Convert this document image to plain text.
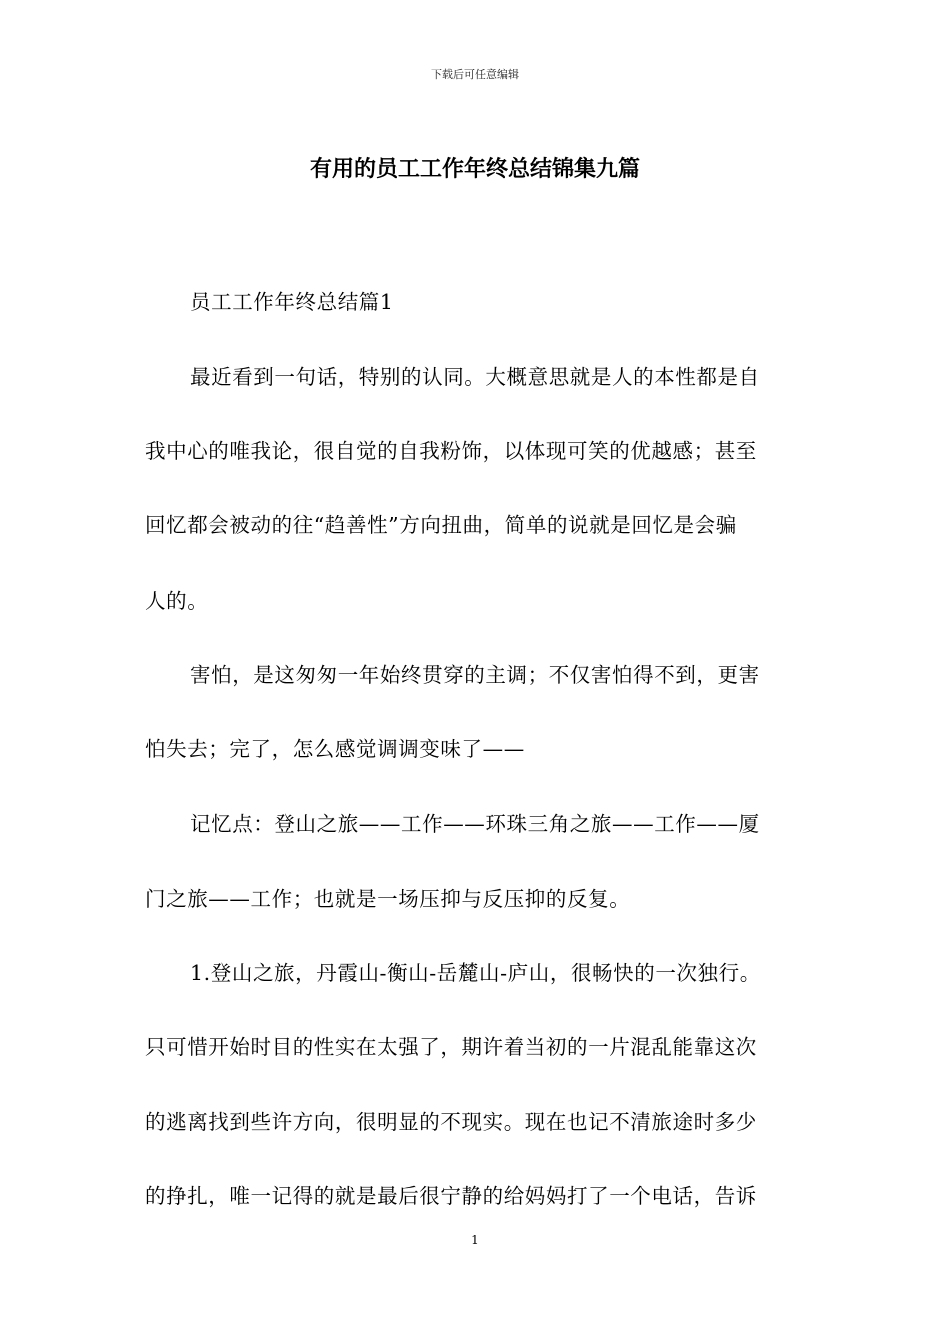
下载后可任意编辑
有用的员工工作年终总结锦集九篇
员工工作年终总结篇1
最近看到一句话，特别的认同。大概意思就是人的本性都是自
我中心的唯我论，很自觉的自我粉饰，以体现可笑的优越感；甚至
回忆都会被动的往“趋善性”方向扭曲，简单的说就是回忆是会骗
人的。
害怕，是这匆匆一年始终贯穿的主调；不仅害怕得不到，更害
怕失去；完了，怎么感觉调调变味了——
记忆点：登山之旅——工作——环珠三角之旅——工作——厦
门之旅——工作；也就是一场压抑与反压抑的反复。
1.登山之旅，丹霞山-衡山-岳麓山-庐山，很畅快的一次独行。
只可惜开始时目的性实在太强了，期许着当初的一片混乱能靠这次
的逃离找到些许方向，很明显的不现实。现在也记不清旅途时多少
的挣扎，唯一记得的就是最后很宁静的给妈妈打了一个电话，告诉
1
